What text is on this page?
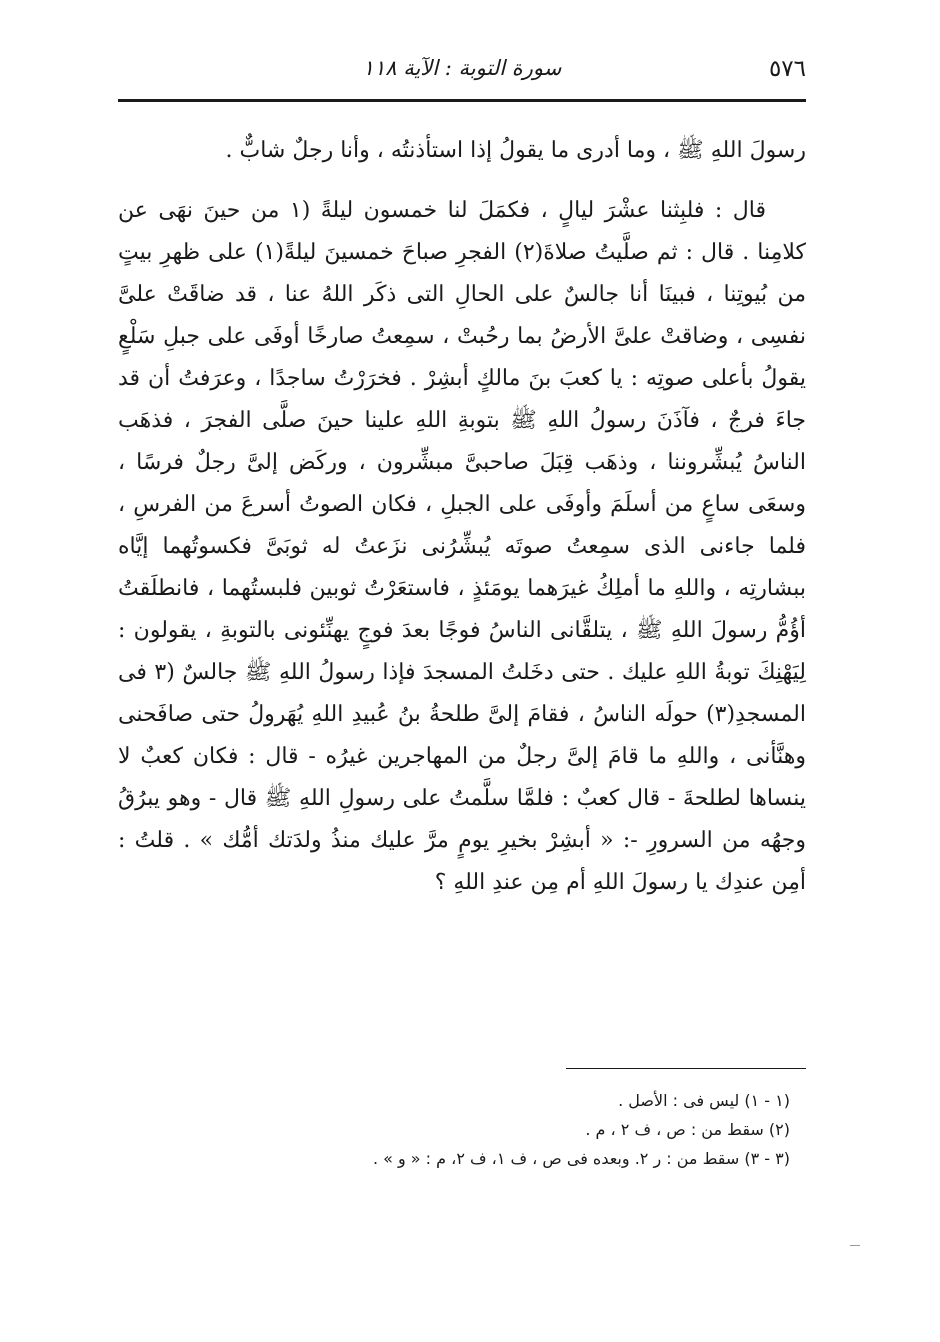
٥٧٦
سورة التوبة : الآية ١١٨

رسولَ اللهِ ﷺ ، وما أدرى ما يقولُ إذا استأذنتُه ، وأنا رجلٌ شابٌّ .

قال : فلبِثنا عشْرَ ليالٍ ، فكمَلَ لنا خمسون ليلةً (١ من حينَ نهَى عن كلامِنا . قال : ثم صلَّيتُ صلاةَ(٢) الفجرِ صباحَ خمسينَ ليلةً(١) على ظهرِ بيتٍ من بُيوتِنا ، فبينَا أنا جالسٌ على الحالِ التى ذكَر اللهُ عنا ، قد ضاقَتْ علىَّ نفسِى ، وضاقتْ علىَّ الأرضُ بما رحُبتْ ، سمِعتُ صارخًا أوفَى على جبلِ سَلْعٍ يقولُ بأعلى صوتِه : يا كعبَ بنَ مالكٍ أبشِرْ . فخرَرْتُ ساجدًا ، وعرَفتُ أن قد جاءَ فرجٌ ، فآذَنَ رسولُ اللهِ ﷺ بتوبةِ اللهِ علينا حينَ صلَّى الفجرَ ، فذهَب الناسُ يُبشِّروننا ، وذهَب قِبَلَ صاحبىَّ مبشِّرون ، وركَض إلىَّ رجلٌ فرسًا ، وسعَى ساعٍ من أسلَمَ وأوفَى على الجبلِ ، فكان الصوتُ أسرعَ من الفرسِ ، فلما جاءنى الذى سمِعتُ صوتَه يُبشِّرُنى نزَعتُ له ثوبَىَّ فكسوتُهما إيَّاه ببشارتِه ، واللهِ ما أملِكُ غيرَهما يومَئذٍ ، فاستعَرْتُ ثوبين فلبستُهما ، فانطلَقتُ أؤُمُّ رسولَ اللهِ ﷺ ، يتلقَّانى الناسُ فوجًا بعدَ فوجٍ يهنِّئونى بالتوبةِ ، يقولون : لِيَهْنِكَ توبةُ اللهِ عليك . حتى دخَلتُ المسجدَ فإذا رسولُ اللهِ ﷺ جالسٌ (٣ فى المسجدِ(٣) حولَه الناسُ ، فقامَ إلىَّ طلحةُ بنُ عُبيدِ اللهِ يُهَرولُ حتى صافَحنى وهنَّأنى ، واللهِ ما قامَ إلىَّ رجلٌ من المهاجرين غيرُه - قال : فكان كعبٌ لا ينساها لطلحةَ - قال كعبٌ : فلمَّا سلَّمتُ على رسولِ اللهِ ﷺ قال - وهو يبرُقُ وجهُه من السرورِ -: « أبشِرْ بخيرِ يومٍ مرَّ عليك منذُ ولدَتك أمُّك » . قلتُ : أمِن عندِك يا رسولَ اللهِ أم مِن عندِ اللهِ ؟

(١ - ١) ليس فى : الأصل .
(٢) سقط من : ص ، ف ٢ ، م .
(٣ - ٣) سقط من : ر ٢. وبعده فى ص ، ف ١، ف ٢، م : « و » .
